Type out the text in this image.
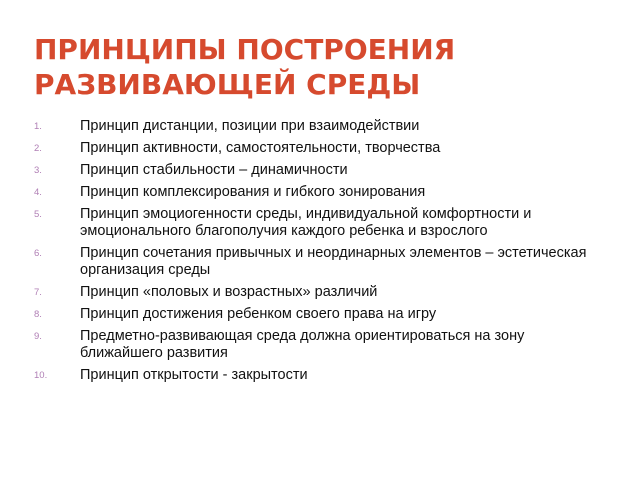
ПРИНЦИПЫ ПОСТРОЕНИЯ
РАЗВИВАЮЩЕЙ СРЕДЫ
1.	Принцип дистанции, позиции при взаимодействии
2.	Принцип активности, самостоятельности, творчества
3.	Принцип стабильности – динамичности
4.	Принцип комплексирования и гибкого зонирования
5.	Принцип эмоциогенности среды, индивидуальной комфортности и эмоционального благополучия каждого ребенка и взрослого
6.	Принцип сочетания привычных и неординарных элементов – эстетическая организация среды
7.	Принцип «половых и возрастных» различий
8.	Принцип достижения ребенком своего права на игру
9.	Предметно-развивающая среда должна ориентироваться на зону ближайшего развития
10.	Принцип открытости - закрытости
